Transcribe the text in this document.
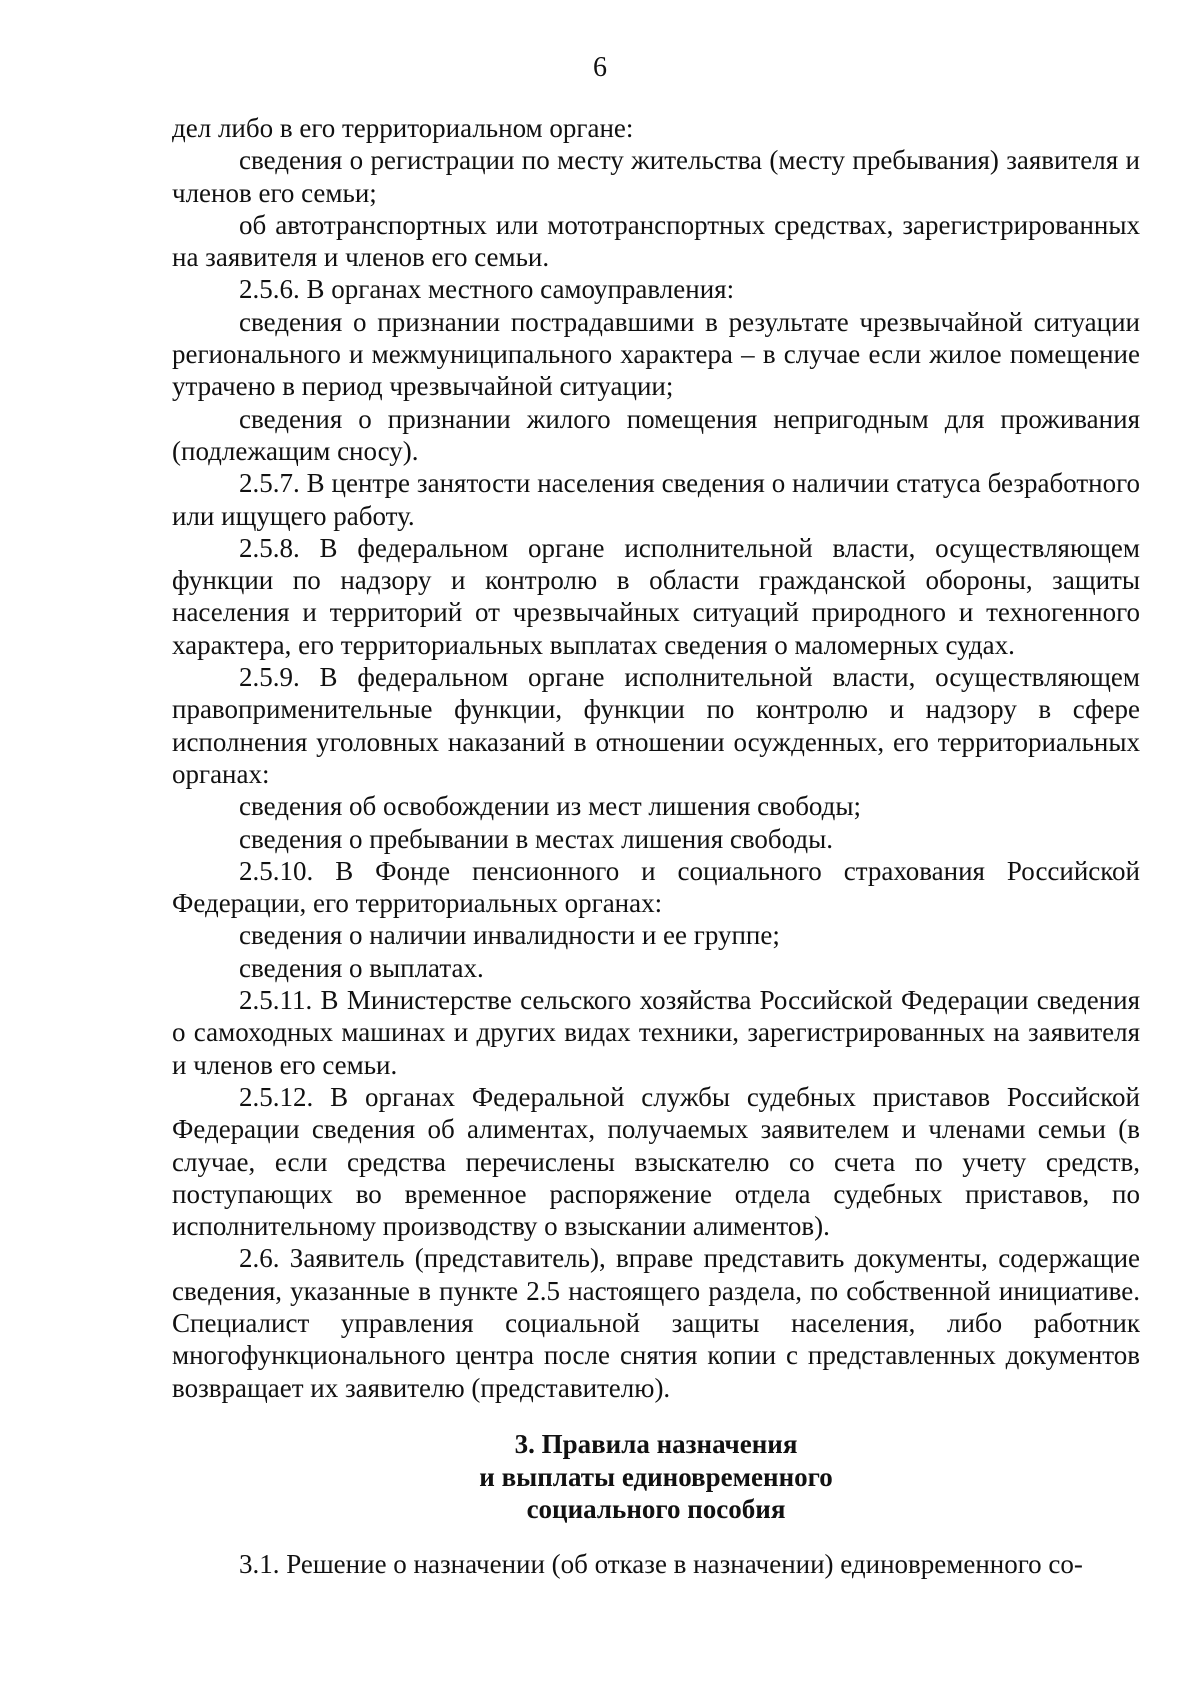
6

дел либо в его территориальном органе:

сведения о регистрации по месту жительства (месту пребывания) заявителя и членов его семьи;

об автотранспортных или мототранспортных средствах, зарегистрированных на заявителя и членов его семьи.

2.5.6. В органах местного самоуправления:

сведения о признании пострадавшими в результате чрезвычайной ситуации регионального и межмуниципального характера – в случае если жилое помещение утрачено в период чрезвычайной ситуации;

сведения о признании жилого помещения непригодным для проживания (подлежащим сносу).

2.5.7. В центре занятости населения сведения о наличии статуса безработного или ищущего работу.

2.5.8. В федеральном органе исполнительной власти, осуществляющем функции по надзору и контролю в области гражданской обороны, защиты населения и территорий от чрезвычайных ситуаций природного и техногенного характера, его территориальных выплатах сведения о маломерных судах.

2.5.9. В федеральном органе исполнительной власти, осуществляющем правоприменительные функции, функции по контролю и надзору в сфере исполнения уголовных наказаний в отношении осужденных, его территориальных органах:

сведения об освобождении из мест лишения свободы;

сведения о пребывании в местах лишения свободы.

2.5.10. В Фонде пенсионного и социального страхования Российской Федерации, его территориальных органах:

сведения о наличии инвалидности и ее группе;

сведения о выплатах.

2.5.11. В Министерстве сельского хозяйства Российской Федерации сведения о самоходных машинах и других видах техники, зарегистрированных на заявителя и членов его семьи.

2.5.12. В органах Федеральной службы судебных приставов Российской Федерации сведения об алиментах, получаемых заявителем и членами семьи (в случае, если средства перечислены взыскателю со счета по учету средств, поступающих во временное распоряжение отдела судебных приставов, по исполнительному производству о взыскании алиментов).

2.6. Заявитель (представитель), вправе представить документы, содержащие сведения, указанные в пункте 2.5 настоящего раздела, по собственной инициативе. Специалист управления социальной защиты населения, либо работник многофункционального центра после снятия копии с представленных документов возвращает их заявителю (представителю).

3. Правила назначения
и выплаты единовременного
социального пособия

3.1. Решение о назначении (об отказе в назначении) единовременного со-
